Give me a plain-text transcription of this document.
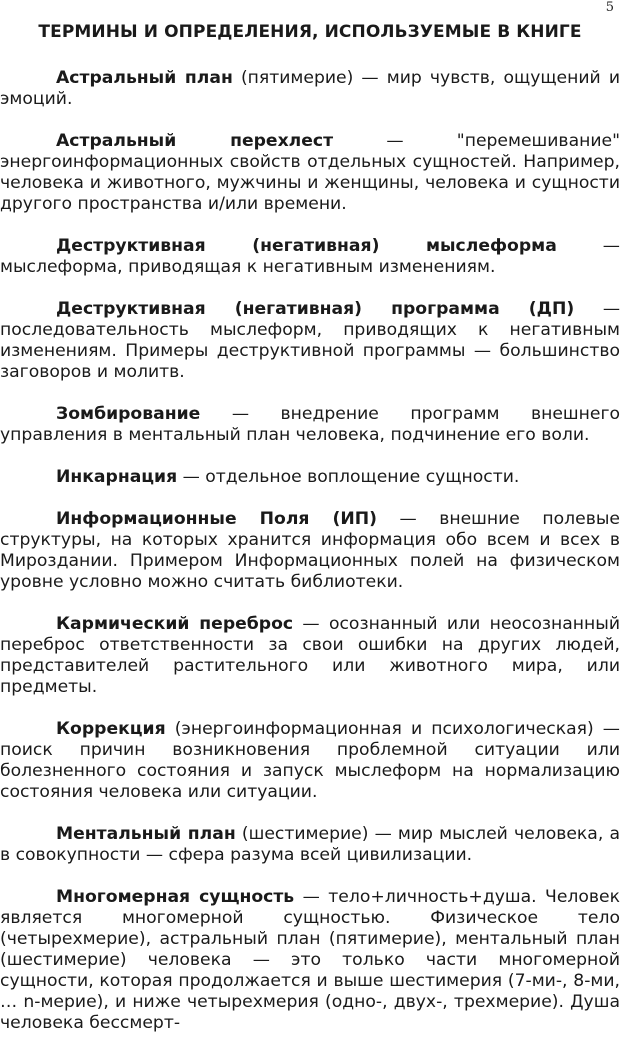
5
ТЕРМИНЫ И ОПРЕДЕЛЕНИЯ, ИСПОЛЬЗУЕМЫЕ В КНИГЕ

Астральный план (пятимерие) — мир чувств, ощущений и эмоций.

Астральный перехлест — "перемешивание" энергоинформационных свойств отдельных сущностей. Например, человека и животного, мужчины и женщины, человека и сущности другого пространства и/или времени.

Деструктивная (негативная) мыслеформа — мыслеформа, приводящая к негативным изменениям.

Деструктивная (негативная) программа (ДП) — последовательность мыслеформ, приводящих к негативным изменениям. Примеры деструктивной программы — большинство заговоров и молитв.

Зомбирование — внедрение программ внешнего управления в ментальный план человека, подчинение его воли.

Инкарнация — отдельное воплощение сущности.

Информационные Поля (ИП) — внешние полевые структуры, на которых хранится информация обо всем и всех в Мироздании. Примером Информационных полей на физическом уровне условно можно считать библиотеки.

Кармический переброс — осознанный или неосознанный переброс ответственности за свои ошибки на других людей, представителей растительного или животного мира, или предметы.

Коррекция (энергоинформационная и психологическая) — поиск причин возникновения проблемной ситуации или болезненного состояния и запуск мыслеформ на нормализацию состояния человека или ситуации.

Ментальный план (шестимерие) — мир мыслей человека, а в совокупности — сфера разума всей цивилизации.

Многомерная сущность — тело+личность+душа. Человек является многомерной сущностью. Физическое тело (четырехмерие), астральный план (пятимерие), ментальный план (шестимерие) человека — это только части многомерной сущности, которая продолжается и выше шестимерия (7-ми-, 8-ми, … n-мерие), и ниже четырехмерия (одно-, двух-, трехмерие). Душа человека бессмерт-
